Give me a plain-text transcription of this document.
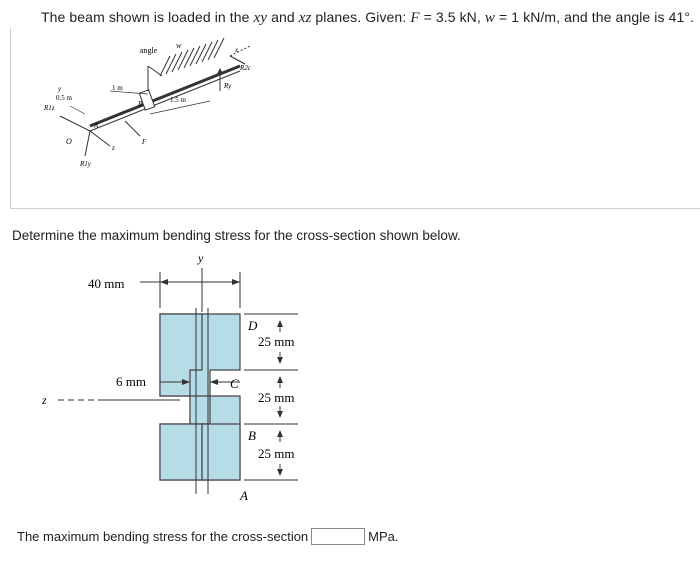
The beam shown is loaded in the xy and xz planes. Given: F = 3.5 kN, w = 1 kN/m, and the angle is 41°.
angle
w	x
R2c
Ry
1 m
1.5 m
0.5 m
y
B
A
O
z
F
R1z
R1y
Determine the maximum bending stress for the cross-section shown below.
y
40 mm
z
6 mm	C
D
25 mm
25 mm
B
25 mm
A
The maximum bending stress for the cross-section	MPa.
